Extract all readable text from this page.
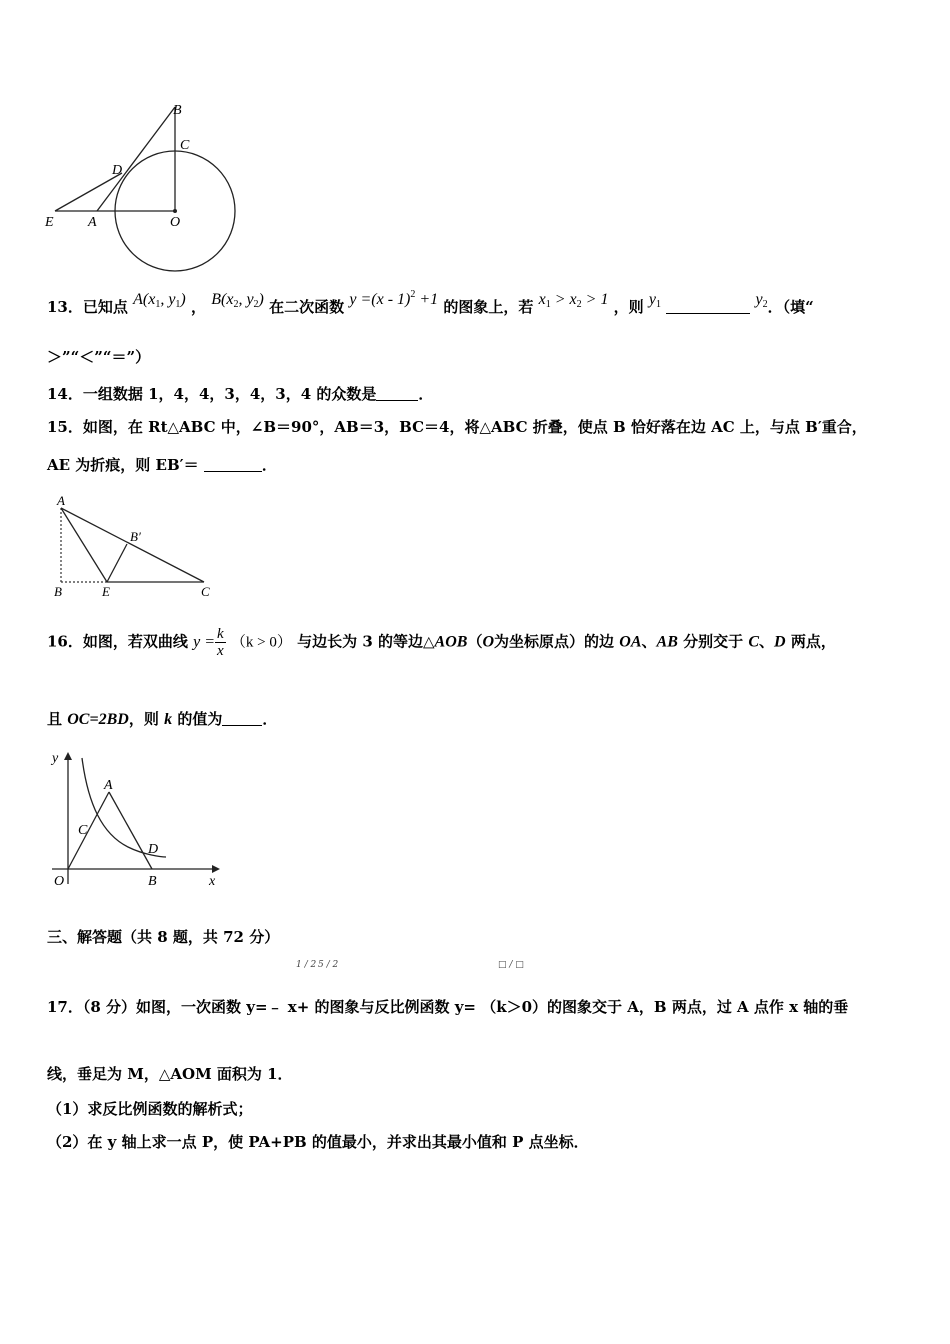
B
C
D
E A	O
13．已知点 $A(x_1$, $y_1$) ， $B(x_2$, $y_2$) 在二次函数 y =(x - 1)$^2$ +1 的图象上，若 $x_1 > x_2 > 1$ ，则 $y_1$	$y_2$．（填“
＞”“＜”“＝”）
14．一组数据 1，4，4，3，4，3，4 的众数是	．
15．如图，在 Rt△ABC 中，∠B＝90°，AB＝3，BC＝4，将△ABC 折叠，使点 B 恰好落在边 AC 上，与点 B′重合，
AE 为折痕，则 EB′＝	．
A
B′
B	E	C
16．如图，若双曲线 $y = \frac{k}{x} (k > 0)$ 与边长为 3 的等边△AOB（O为坐标原点）的边 OA、AB 分别交于 C、D 两点，
且 OC=2BD，则 k 的值为	．
y
A
C
D
O	B	x
三、解答题（共 8 题，共 72 分）
1 / 2 5 / 2	□ / □
17．（8 分）如图，一次函数 y=﹣ x+ 的图象与反比例函数 y= （k＞0）的图象交于 A，B 两点，过 A 点作 x 轴的垂
线，垂足为 M，△AOM 面积为 1．
（1）求反比例函数的解析式；
（2）在 y 轴上求一点 P，使 PA+PB 的值最小，并求出其最小值和 P 点坐标．
